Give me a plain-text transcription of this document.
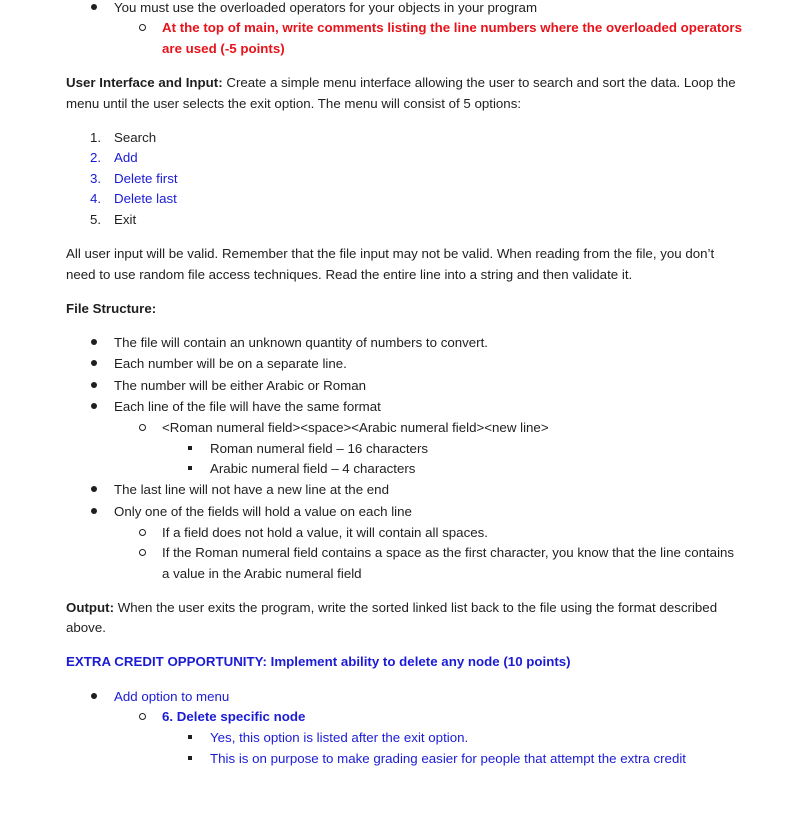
You must use the overloaded operators for your objects in your program
At the top of main, write comments listing the line numbers where the overloaded operators
are used (-5 points)
User Interface and Input: Create a simple menu interface allowing the user to search and sort the data. Loop the
menu until the user selects the exit option. The menu will consist of 5 options:
1. Search
2. Add
3. Delete first
4. Delete last
5. Exit
All user input will be valid. Remember that the file input may not be valid. When reading from the file, you don’t
need to use random file access techniques. Read the entire line into a string and then validate it.
File Structure:
The file will contain an unknown quantity of numbers to convert.
Each number will be on a separate line.
The number will be either Arabic or Roman
Each line of the file will have the same format
<Roman numeral field><space><Arabic numeral field><new line>
Roman numeral field – 16 characters
Arabic numeral field – 4 characters
The last line will not have a new line at the end
Only one of the fields will hold a value on each line
If a field does not hold a value, it will contain all spaces.
If the Roman numeral field contains a space as the first character, you know that the line contains
a value in the Arabic numeral field
Output: When the user exits the program, write the sorted linked list back to the file using the format described
above.
EXTRA CREDIT OPPORTUNITY: Implement ability to delete any node (10 points)
Add option to menu
6. Delete specific node
Yes, this option is listed after the exit option.
This is on purpose to make grading easier for people that attempt the extra credit
